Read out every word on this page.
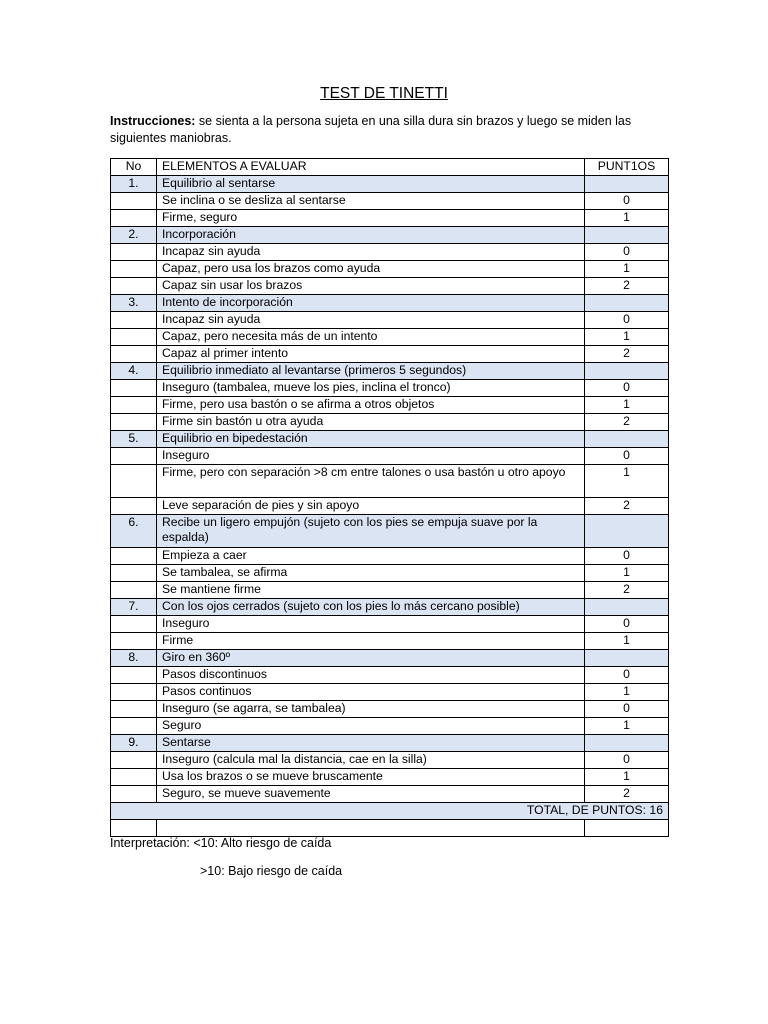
TEST DE TINETTI
Instrucciones: se sienta a la persona sujeta en una silla dura sin brazos y luego se miden las siguientes maniobras.
No	ELEMENTOS A EVALUAR	PUNT1OS
1.	Equilibrio al sentarse	
	Se inclina o se desliza al sentarse	0
	Firme, seguro	1
2.	Incorporación	
	Incapaz sin ayuda	0
	Capaz, pero usa los brazos como ayuda	1
	Capaz sin usar los brazos	2
3.	Intento de incorporación	
	Incapaz sin ayuda	0
	Capaz, pero necesita más de un intento	1
	Capaz al primer intento	2
4.	Equilibrio inmediato al levantarse (primeros 5 segundos)	
	Inseguro (tambalea, mueve los pies, inclina el tronco)	0
	Firme, pero usa bastón o se afirma a otros objetos	1
	Firme sin bastón u otra ayuda	2
5.	Equilibrio en bipedestación	
	Inseguro	0
	Firme, pero con separación >8 cm entre talones o usa bastón u otro apoyo	1
	Leve separación de pies y sin apoyo	2
6.	Recibe un ligero empujón (sujeto con los pies se empuja suave por la espalda)	
	Empieza a caer	0
	Se tambalea, se afirma	1
	Se mantiene firme	2
7.	Con los ojos cerrados (sujeto con los pies lo más cercano posible)	
	Inseguro	0
	Firme	1
8.	Giro en 360º	
	Pasos discontinuos	0
	Pasos continuos	1
	Inseguro (se agarra, se tambalea)	0
	Seguro	1
9.	Sentarse	
	Inseguro (calcula mal la distancia, cae en la silla)	0
	Usa los brazos o se mueve bruscamente	1
	Seguro, se mueve suavemente	2
TOTAL, DE PUNTOS: 16		

Interpretación: <10: Alto riesgo de caída
>10: Bajo riesgo de caída
